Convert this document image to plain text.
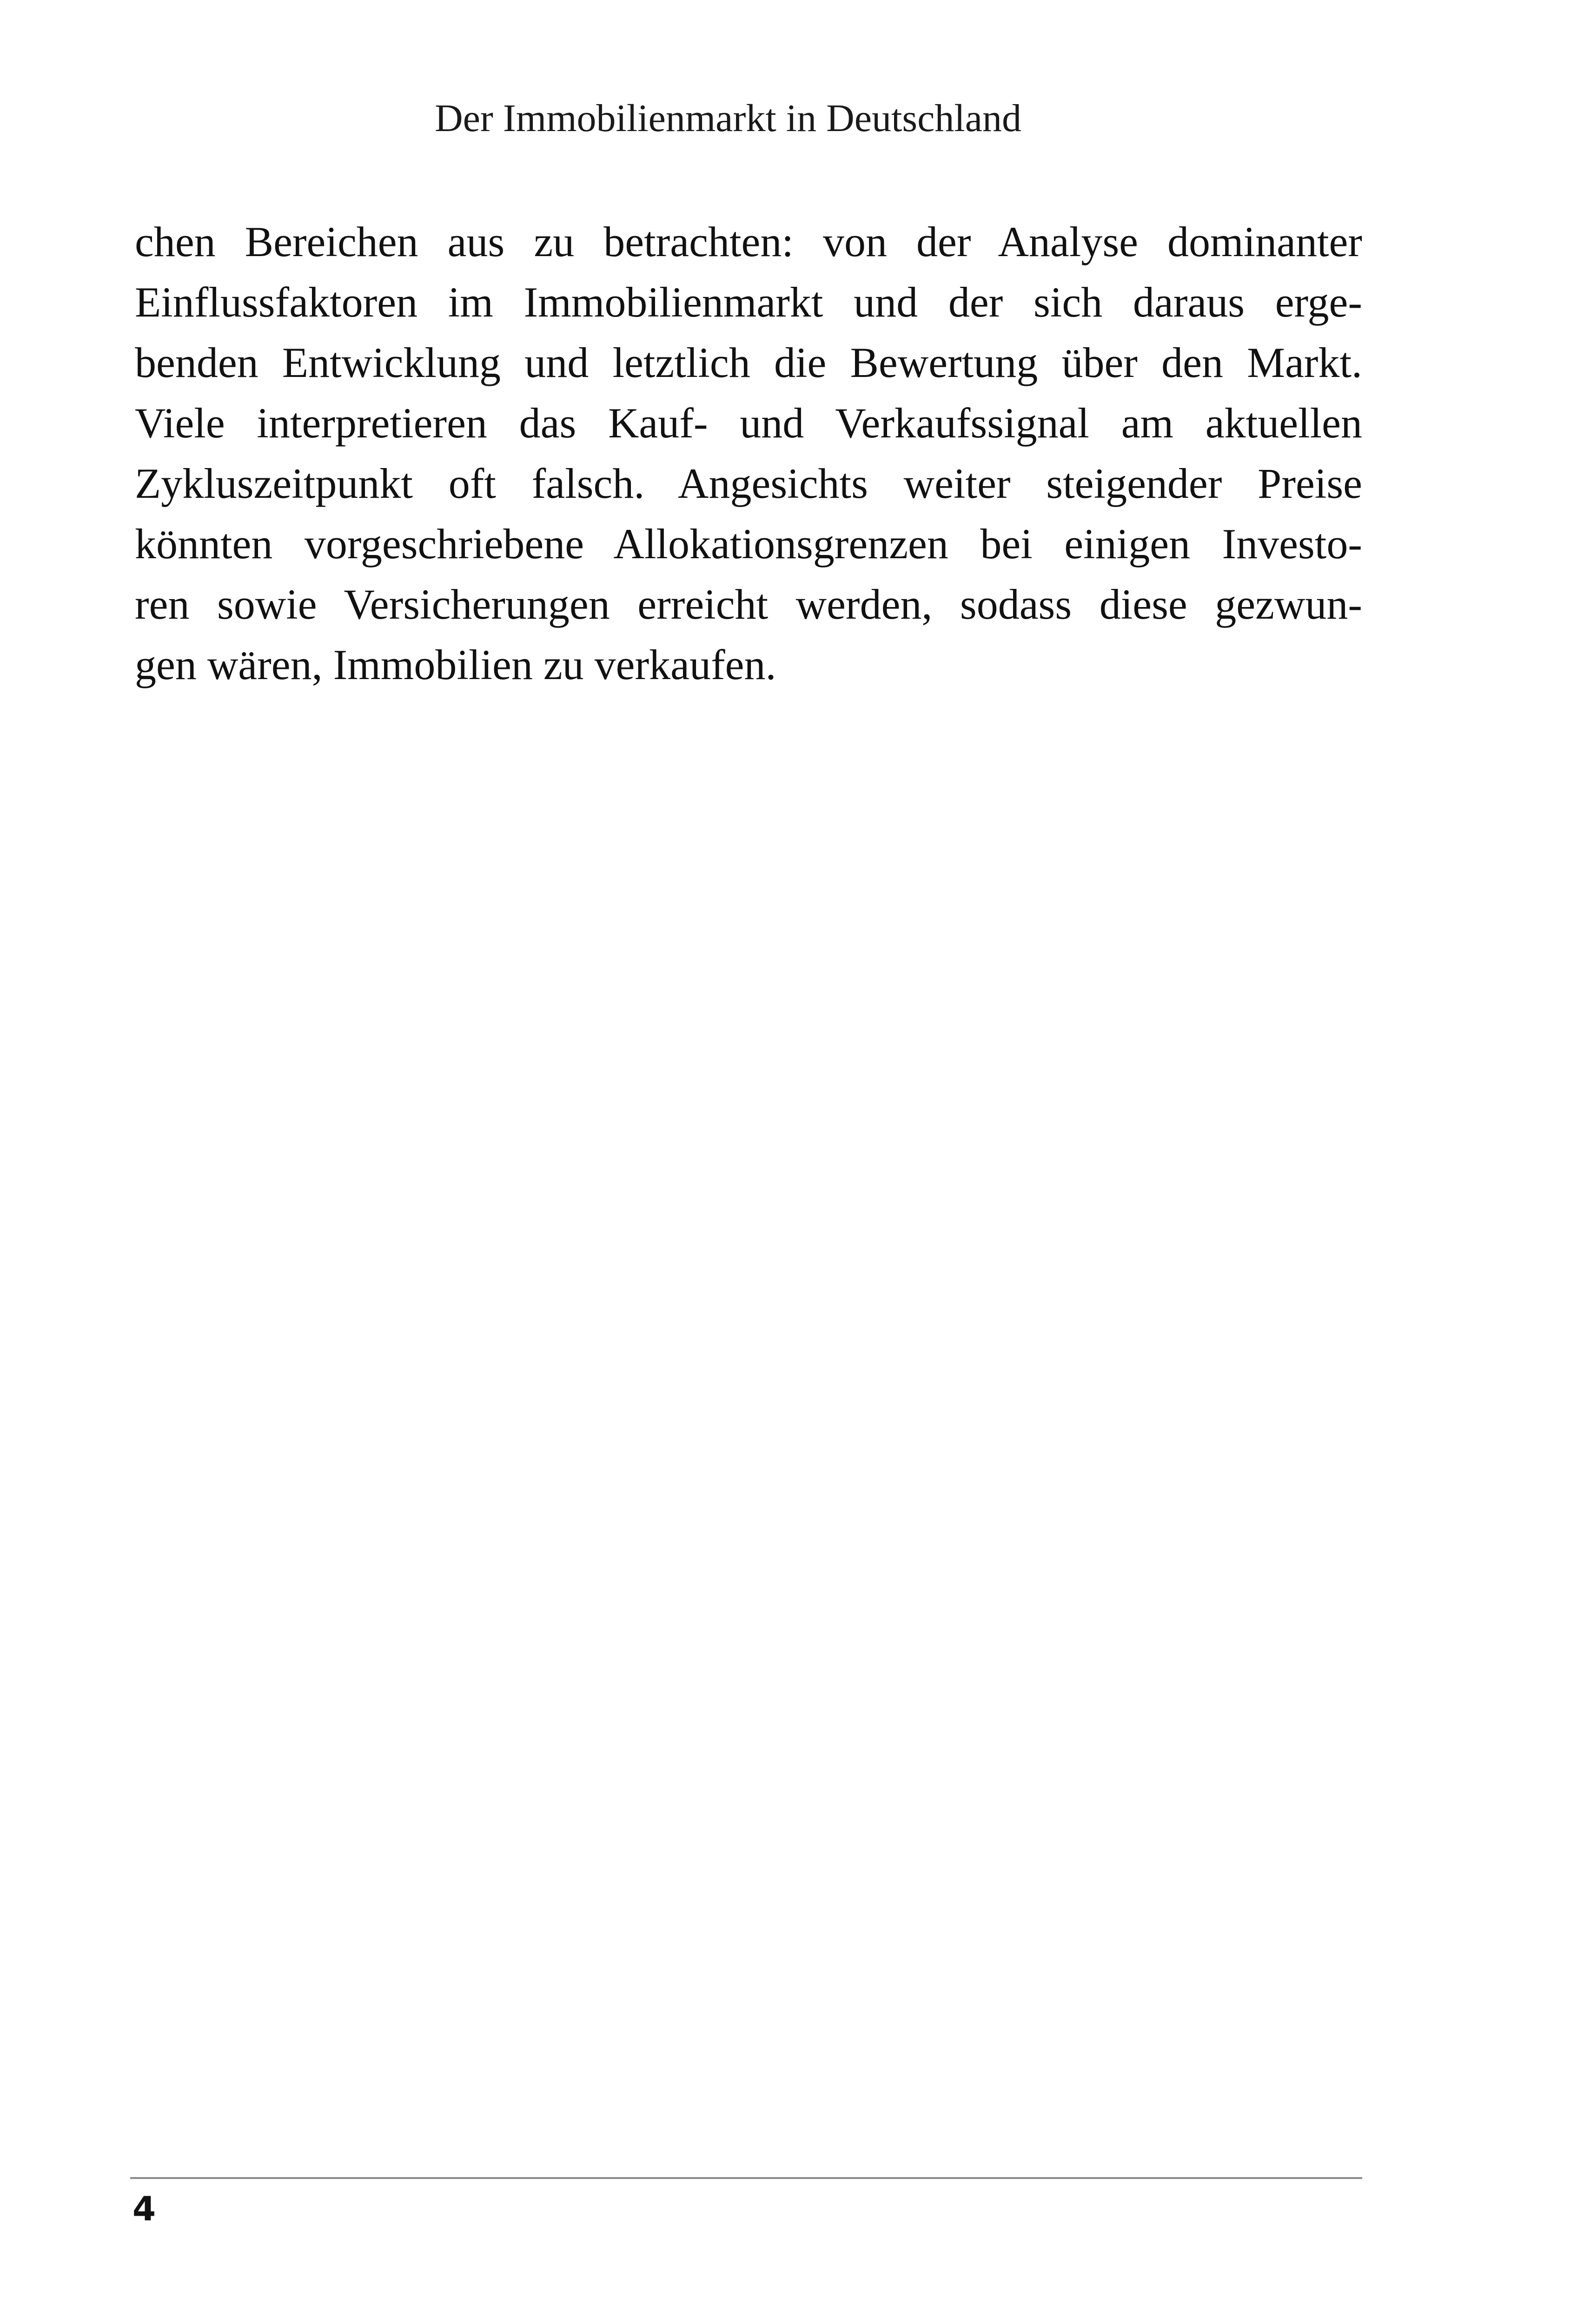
Der Immobilienmarkt in Deutschland
chen Bereichen aus zu betrachten: von der Analyse dominanter
Einflussfaktoren im Immobilienmarkt und der sich daraus erge-
benden Entwicklung und letztlich die Bewertung über den Markt.
Viele interpretieren das Kauf- und Verkaufssignal am aktuellen
Zykluszeitpunkt oft falsch. Angesichts weiter steigender Preise
könnten vorgeschriebene Allokationsgrenzen bei einigen Investo-
ren sowie Versicherungen erreicht werden, sodass diese gezwun-
gen wären, Immobilien zu verkaufen.
4
